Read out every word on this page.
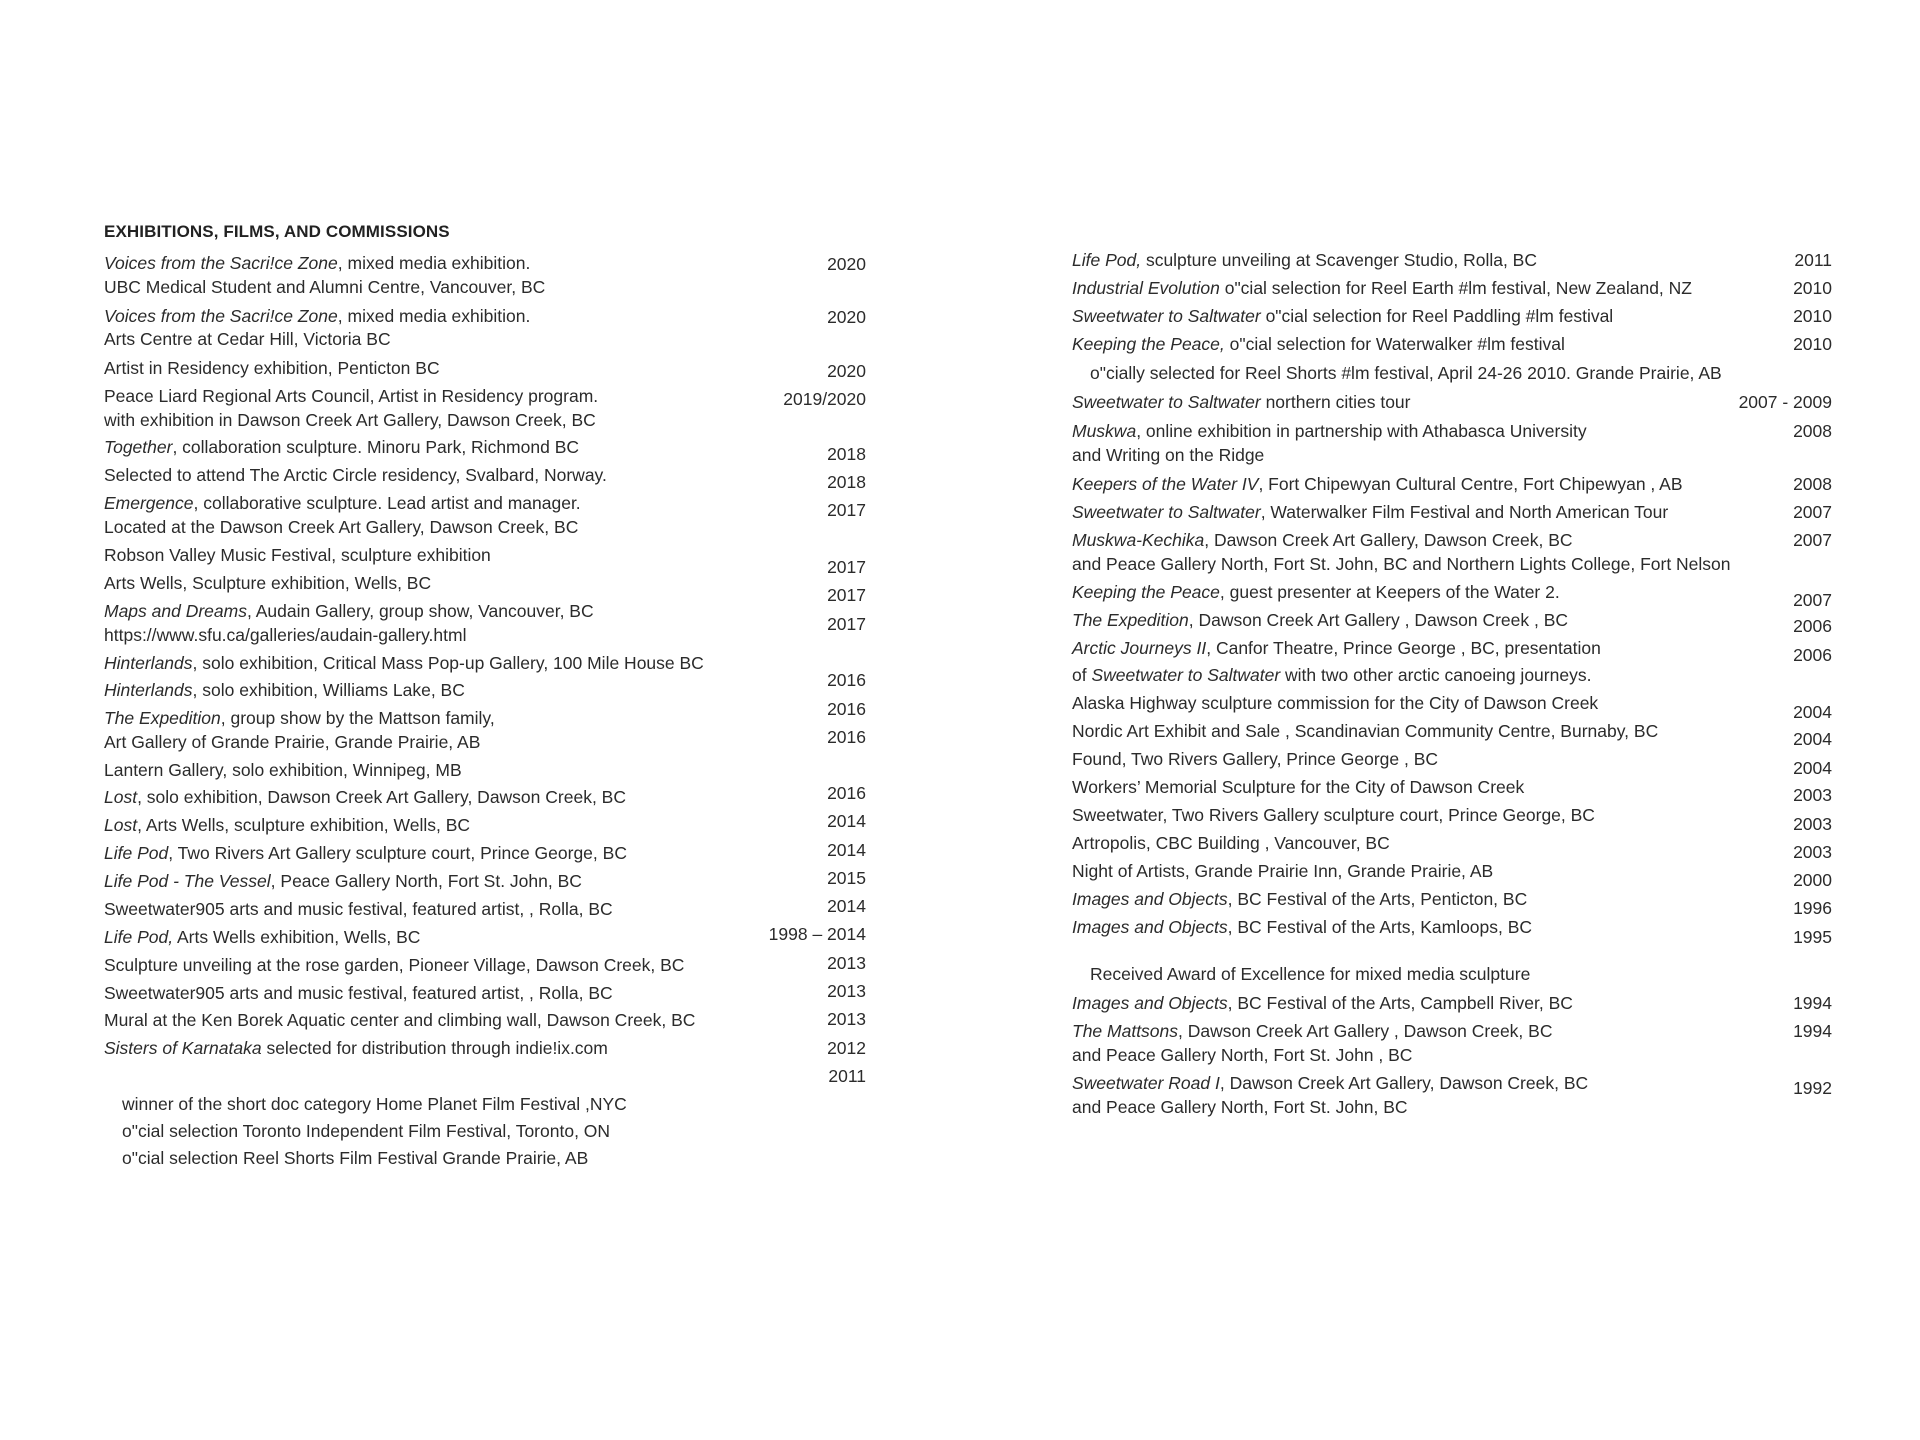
EXHIBITIONS, FILMS, AND COMMISSIONS
Voices from the Sacri!ce Zone, mixed media exhibition.
UBC Medical Student and Alumni Centre, Vancouver, BC
Voices from the Sacri!ce Zone, mixed media exhibition.
Arts Centre at Cedar Hill, Victoria BC
Artist in Residency exhibition, Penticton BC
Peace Liard Regional Arts Council, Artist in Residency program.
with exhibition in Dawson Creek Art Gallery, Dawson Creek, BC
Together, collaboration sculpture. Minoru Park, Richmond BC
Selected to attend The Arctic Circle residency, Svalbard, Norway.
Emergence, collaborative sculpture. Lead artist and manager.
Located at the Dawson Creek Art Gallery, Dawson Creek, BC
Robson Valley Music Festival, sculpture exhibition
Arts Wells, Sculpture exhibition, Wells, BC
Maps and Dreams, Audain Gallery, group show, Vancouver, BC
https://www.sfu.ca/galleries/audain-gallery.html
Hinterlands, solo exhibition, Critical Mass Pop-up Gallery, 100 Mile House BC
Hinterlands, solo exhibition, Williams Lake, BC
The Expedition, group show by the Mattson family,
Art Gallery of Grande Prairie, Grande Prairie, AB
Lantern Gallery, solo exhibition, Winnipeg, MB
Lost, solo exhibition, Dawson Creek Art Gallery, Dawson Creek, BC
Lost, Arts Wells, sculpture exhibition, Wells, BC
Life Pod, Two Rivers Art Gallery sculpture court, Prince George, BC
Life Pod - The Vessel, Peace Gallery North, Fort St. John, BC
Sweetwater905 arts and music festival, featured artist, , Rolla, BC
Life Pod, Arts Wells exhibition, Wells, BC
Sculpture unveiling at the rose garden, Pioneer Village, Dawson Creek, BC
Sweetwater905 arts and music festival, featured artist, , Rolla, BC
Mural at the Ken Borek Aquatic center and climbing wall, Dawson Creek, BC
Sisters of Karnataka selected for distribution through indie!ix.com
winner of the short doc category Home Planet Film Festival ,NYC
o"cial selection Toronto Independent Film Festival, Toronto, ON
o"cial selection Reel Shorts Film Festival Grande Prairie, AB
2020
2020
2020
2019/2020
2018
2018
2017
2017
2017
2017
2016
2016
2016
2016
2014
2014
2015
2014
1998 – 2014
2013
2013
2013
2012
2011
Life Pod, sculpture unveiling at Scavenger Studio, Rolla, BC
Industrial Evolution o"cial selection for Reel Earth #lm festival, New Zealand, NZ
Sweetwater to Saltwater o"cial selection for Reel Paddling #lm festival
Keeping the Peace, o"cial selection for Waterwalker #lm festival
o"cially selected for Reel Shorts #lm festival, April 24-26 2010. Grande Prairie, AB
Sweetwater to Saltwater northern cities tour
Muskwa, online exhibition in partnership with Athabasca University
and Writing on the Ridge
Keepers of the Water IV, Fort Chipewyan Cultural Centre, Fort Chipewyan , AB
Sweetwater to Saltwater, Waterwalker Film Festival and North American Tour
Muskwa-Kechika, Dawson Creek Art Gallery, Dawson Creek, BC
and Peace Gallery North, Fort St. John, BC and Northern Lights College, Fort Nelson
Keeping the Peace, guest presenter at Keepers of the Water 2.
The Expedition, Dawson Creek Art Gallery , Dawson Creek , BC
Arctic Journeys II, Canfor Theatre, Prince George , BC, presentation
of Sweetwater to Saltwater with two other arctic canoeing journeys.
Alaska Highway sculpture commission for the City of Dawson Creek
Nordic Art Exhibit and Sale , Scandinavian Community Centre, Burnaby, BC
Found, Two Rivers Gallery, Prince George , BC
Workers’ Memorial Sculpture for the City of Dawson Creek
Sweetwater, Two Rivers Gallery sculpture court, Prince George, BC
Artropolis, CBC Building , Vancouver, BC
Night of Artists, Grande Prairie Inn, Grande Prairie, AB
Images and Objects, BC Festival of the Arts, Penticton, BC
Images and Objects, BC Festival of the Arts, Kamloops, BC
Received Award of Excellence for mixed media sculpture
Images and Objects, BC Festival of the Arts, Campbell River, BC
The Mattsons, Dawson Creek Art Gallery , Dawson Creek, BC
and Peace Gallery North, Fort St. John , BC
Sweetwater Road I, Dawson Creek Art Gallery, Dawson Creek, BC
and Peace Gallery North, Fort St. John, BC
2011
2010
2010
2010
2007 - 2009
2008
2008
2007
2007
2007
2006
2006
2004
2004
2004
2003
2003
2003
2000
1996
1995
1994
1994
1992
